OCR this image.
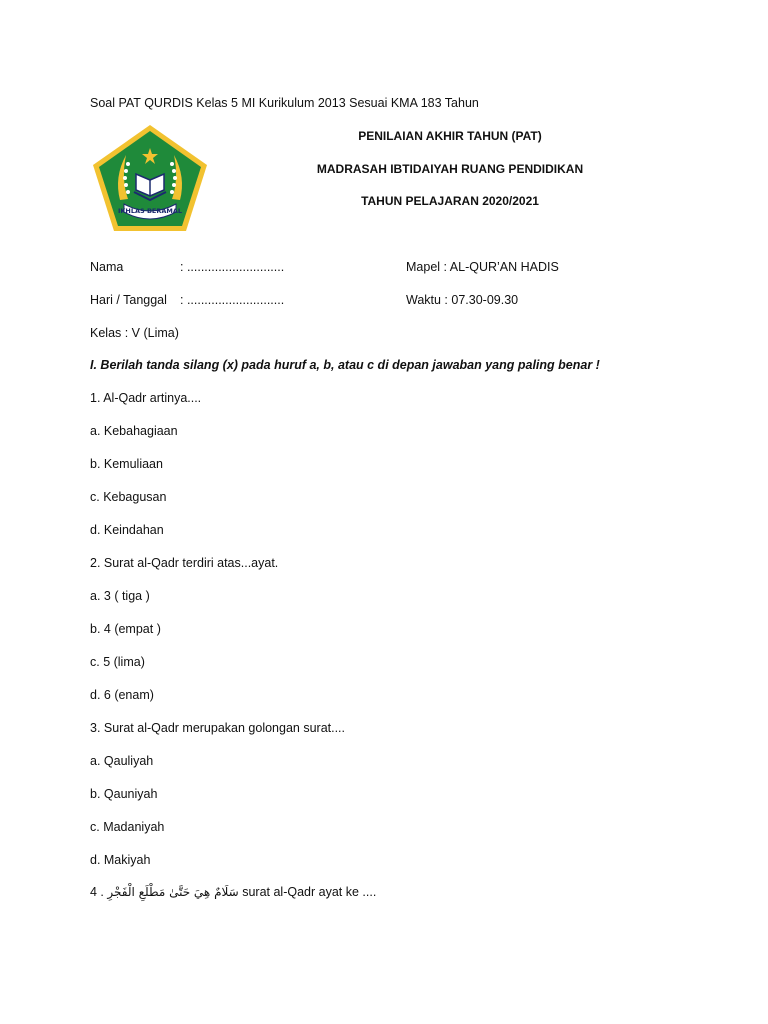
Soal PAT QURDIS Kelas 5 MI Kurikulum 2013 Sesuai KMA 183 Tahun
IKHLAS BERAMAL
PENILAIAN AKHIR TAHUN (PAT)
MADRASAH IBTIDAIYAH RUANG PENDIDIKAN
TAHUN PELAJARAN 2020/2021
Nama	: ............................	Mapel : AL-QUR’AN HADIS
Hari / Tanggal : ............................	Waktu : 07.30-09.30
Kelas : V (Lima)
I. Berilah tanda silang (x) pada huruf a, b, atau c di depan jawaban yang paling benar !
1. Al-Qadr artinya....
a. Kebahagiaan
b. Kemuliaan
c. Kebagusan
d. Keindahan
2. Surat al-Qadr terdiri atas...ayat.
a. 3 ( tiga )
b. 4 (empat )
c. 5 (lima)
d. 6 (enam)
3. Surat al-Qadr merupakan golongan surat....
a. Qauliyah
b. Qauniyah
c. Madaniyah
d. Makiyah
4 . سَلَامٌ هِيَ حَتَّىٰ مَطْلَعِ الْفَجْرِ surat al-Qadr ayat ke ....
